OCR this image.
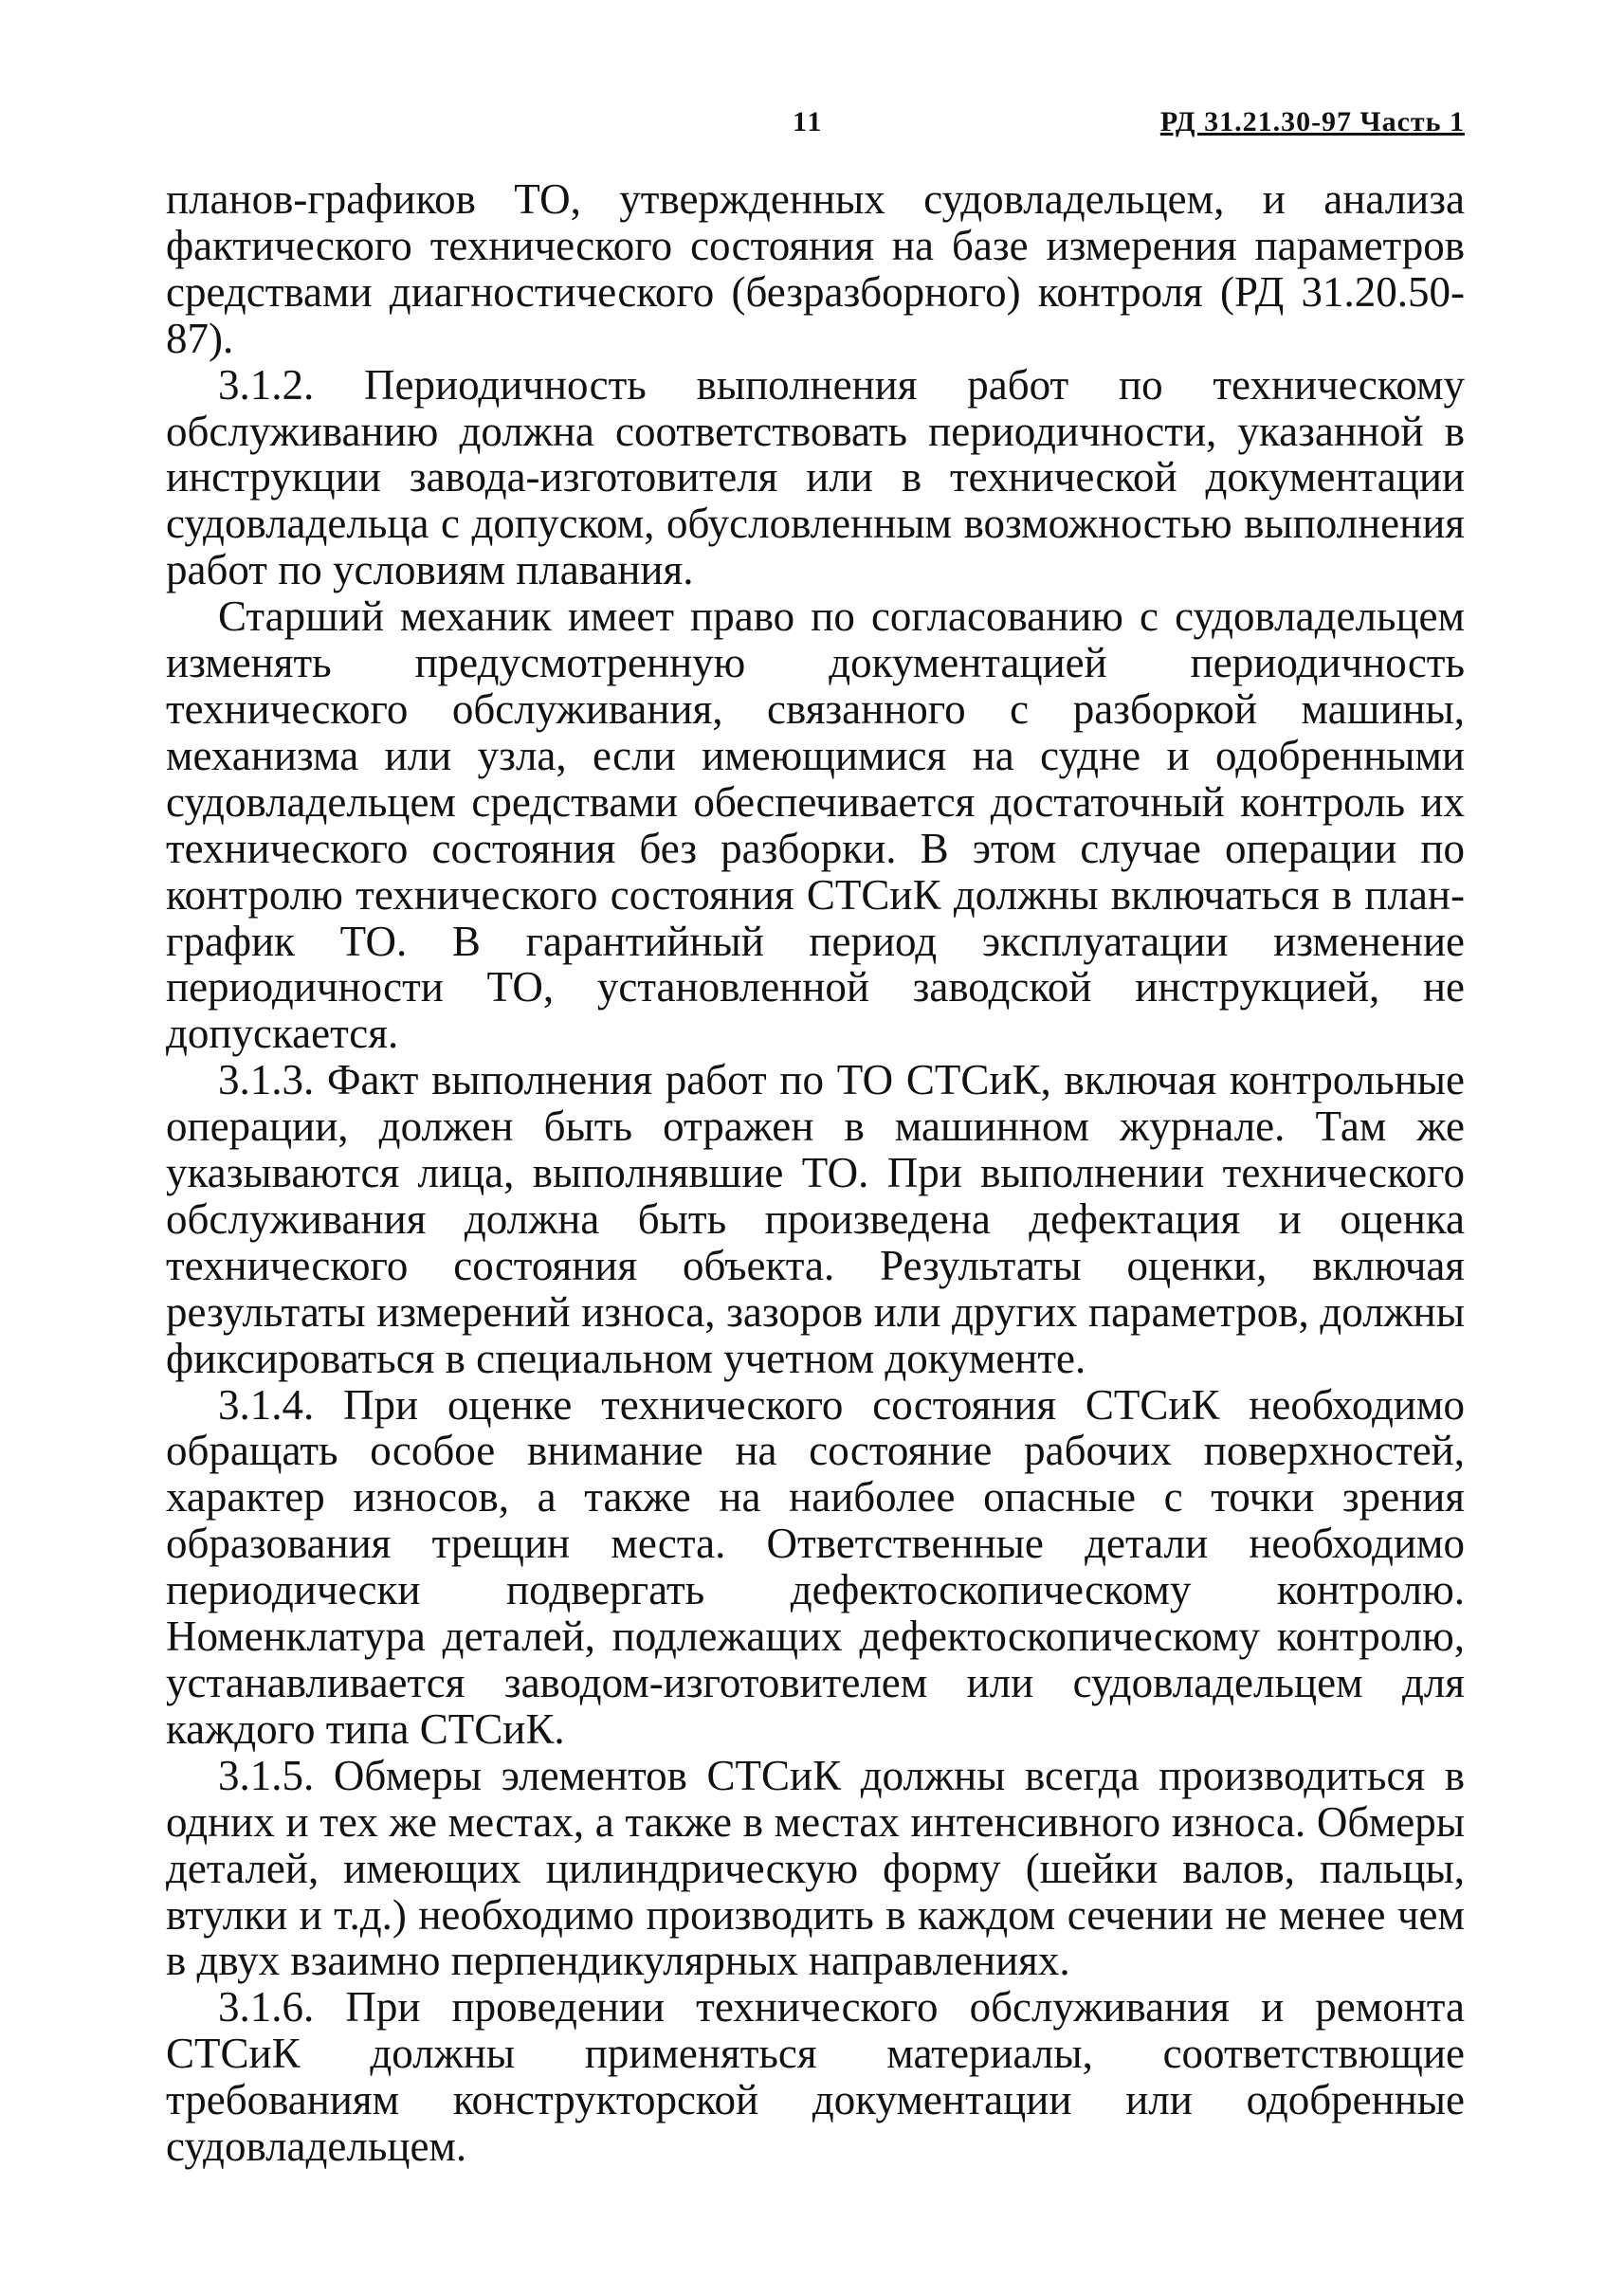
11	РД 31.21.30-97 Часть 1

планов-графиков ТО, утвержденных судовладельцем, и анализа фактического технического состояния на базе измерения параметров средствами диагностического (безразборного) контроля (РД 31.20.50-87).

3.1.2. Периодичность выполнения работ по техническому обслуживанию должна соответствовать периодичности, указанной в инструкции завода-изготовителя или в технической документации судовладельца с допуском, обусловленным возможностью выполнения работ по условиям плавания.

Старший механик имеет право по согласованию с судовладельцем изменять предусмотренную документацией периодичность технического обслуживания, связанного с разборкой машины, механизма или узла, если имеющимися на судне и одобренными судовладельцем средствами обеспечивается достаточный контроль их технического состояния без разборки. В этом случае операции по контролю технического состояния СТСиК должны включаться в план-график ТО. В гарантийный период эксплуатации изменение периодичности ТО, установленной заводской инструкцией, не допускается.

3.1.3. Факт выполнения работ по ТО СТСиК, включая контрольные операции, должен быть отражен в машинном журнале. Там же указываются лица, выполнявшие ТО. При выполнении технического обслуживания должна быть произведена дефектация и оценка технического состояния объекта. Результаты оценки, включая результаты измерений износа, зазоров или других параметров, должны фиксироваться в специальном учетном документе.

3.1.4. При оценке технического состояния СТСиК необходимо обращать особое внимание на состояние рабочих поверхностей, характер износов, а также на наиболее опасные с точки зрения образования трещин места. Ответственные детали необходимо периодически подвергать дефектоскопическому контролю. Номенклатура деталей, подлежащих дефектоскопическому контролю, устанавливается заводом-изготовителем или судовладельцем для каждого типа СТСиК.

3.1.5. Обмеры элементов СТСиК должны всегда производиться в одних и тех же местах, а также в местах интенсивного износа. Обмеры деталей, имеющих цилиндрическую форму (шейки валов, пальцы, втулки и т.д.) необходимо производить в каждом сечении не менее чем в двух взаимно перпендикулярных направлениях.

3.1.6. При проведении технического обслуживания и ремонта СТСиК должны применяться материалы, соответствющие требованиям конструкторской документации или одобренные судовладельцем.
